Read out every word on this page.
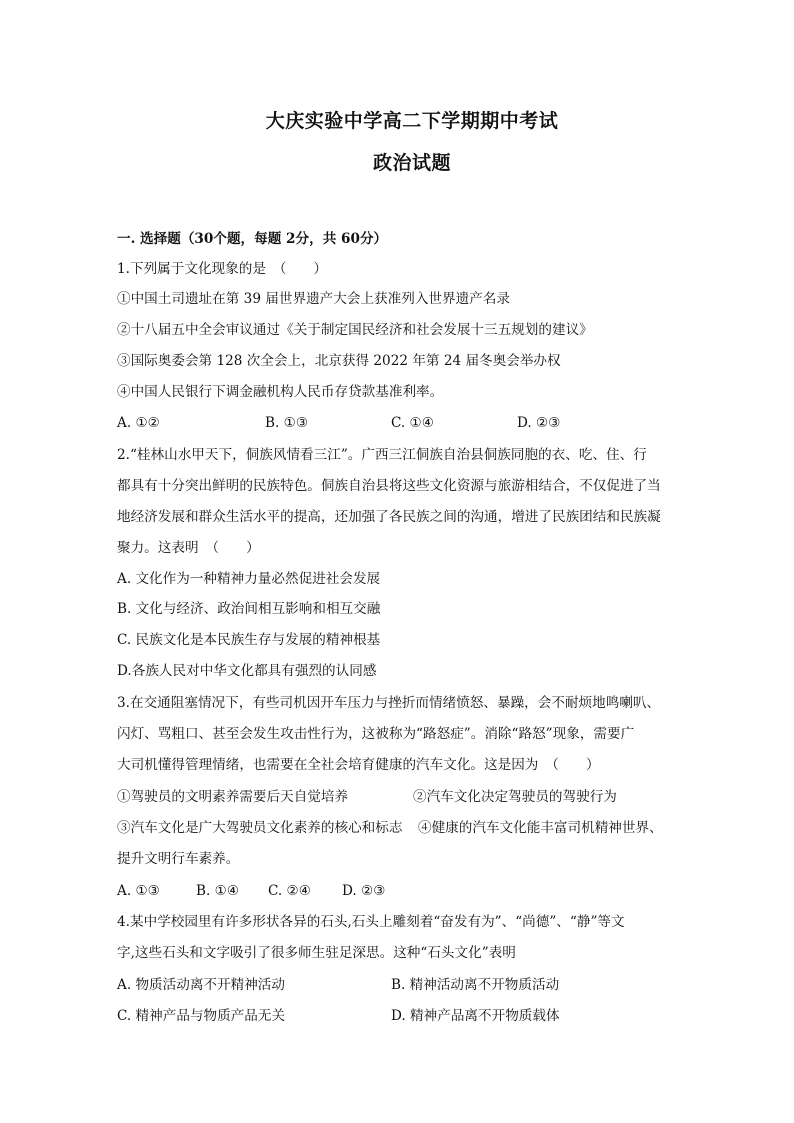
大庆实验中学高二下学期期中考试
政治试题
一. 选择题（30个题，每题 2分，共 60分）
1.下列属于文化现象的是　（　　）
①中国土司遗址在第 39 届世界遗产大会上获准列入世界遗产名录
②十八届五中全会审议通过《关于制定国民经济和社会发展十三五规划的建议》
③国际奥委会第 128 次全会上，北京获得 2022 年第 24 届冬奥会举办权
④中国人民银行下调金融机构人民币存贷款基准利率。
A. ①②	B. ①③	C. ①④	D. ②③
2.“桂林山水甲天下，侗族风情看三江”。广西三江侗族自治县侗族同胞的衣、吃、住、行
都具有十分突出鲜明的民族特色。侗族自治县将这些文化资源与旅游相结合，不仅促进了当
地经济发展和群众生活水平的提高，还加强了各民族之间的沟通，增进了民族团结和民族凝
聚力。这表明　（　　）
A. 文化作为一种精神力量必然促进社会发展
B. 文化与经济、政治间相互影响和相互交融
C. 民族文化是本民族生存与发展的精神根基
D.各族人民对中华文化都具有强烈的认同感
3.在交通阻塞情况下，有些司机因开车压力与挫折而情绪愤怒、暴躁，会不耐烦地鸣喇叭、
闪灯、骂粗口、甚至会发生攻击性行为，这被称为“路怒症”。消除“路怒”现象，需要广
大司机懂得管理情绪，也需要在全社会培育健康的汽车文化。这是因为　（　　）
①驾驶员的文明素养需要后天自觉培养	②汽车文化决定驾驶员的驾驶行为
③汽车文化是广大驾驶员文化素养的核心和标志 ④健康的汽车文化能丰富司机精神世界、
提升文明行车素养。
A. ①③	B. ①④ C. ②④ D. ②③
4.某中学校园里有许多形状各异的石头,石头上雕刻着“奋发有为”、“尚德”、“静”等文
字,这些石头和文字吸引了很多师生驻足深思。这种“石头文化”表明
A. 物质活动离不开精神活动	B. 精神活动离不开物质活动
C. 精神产品与物质产品无关	D. 精神产品离不开物质载体
